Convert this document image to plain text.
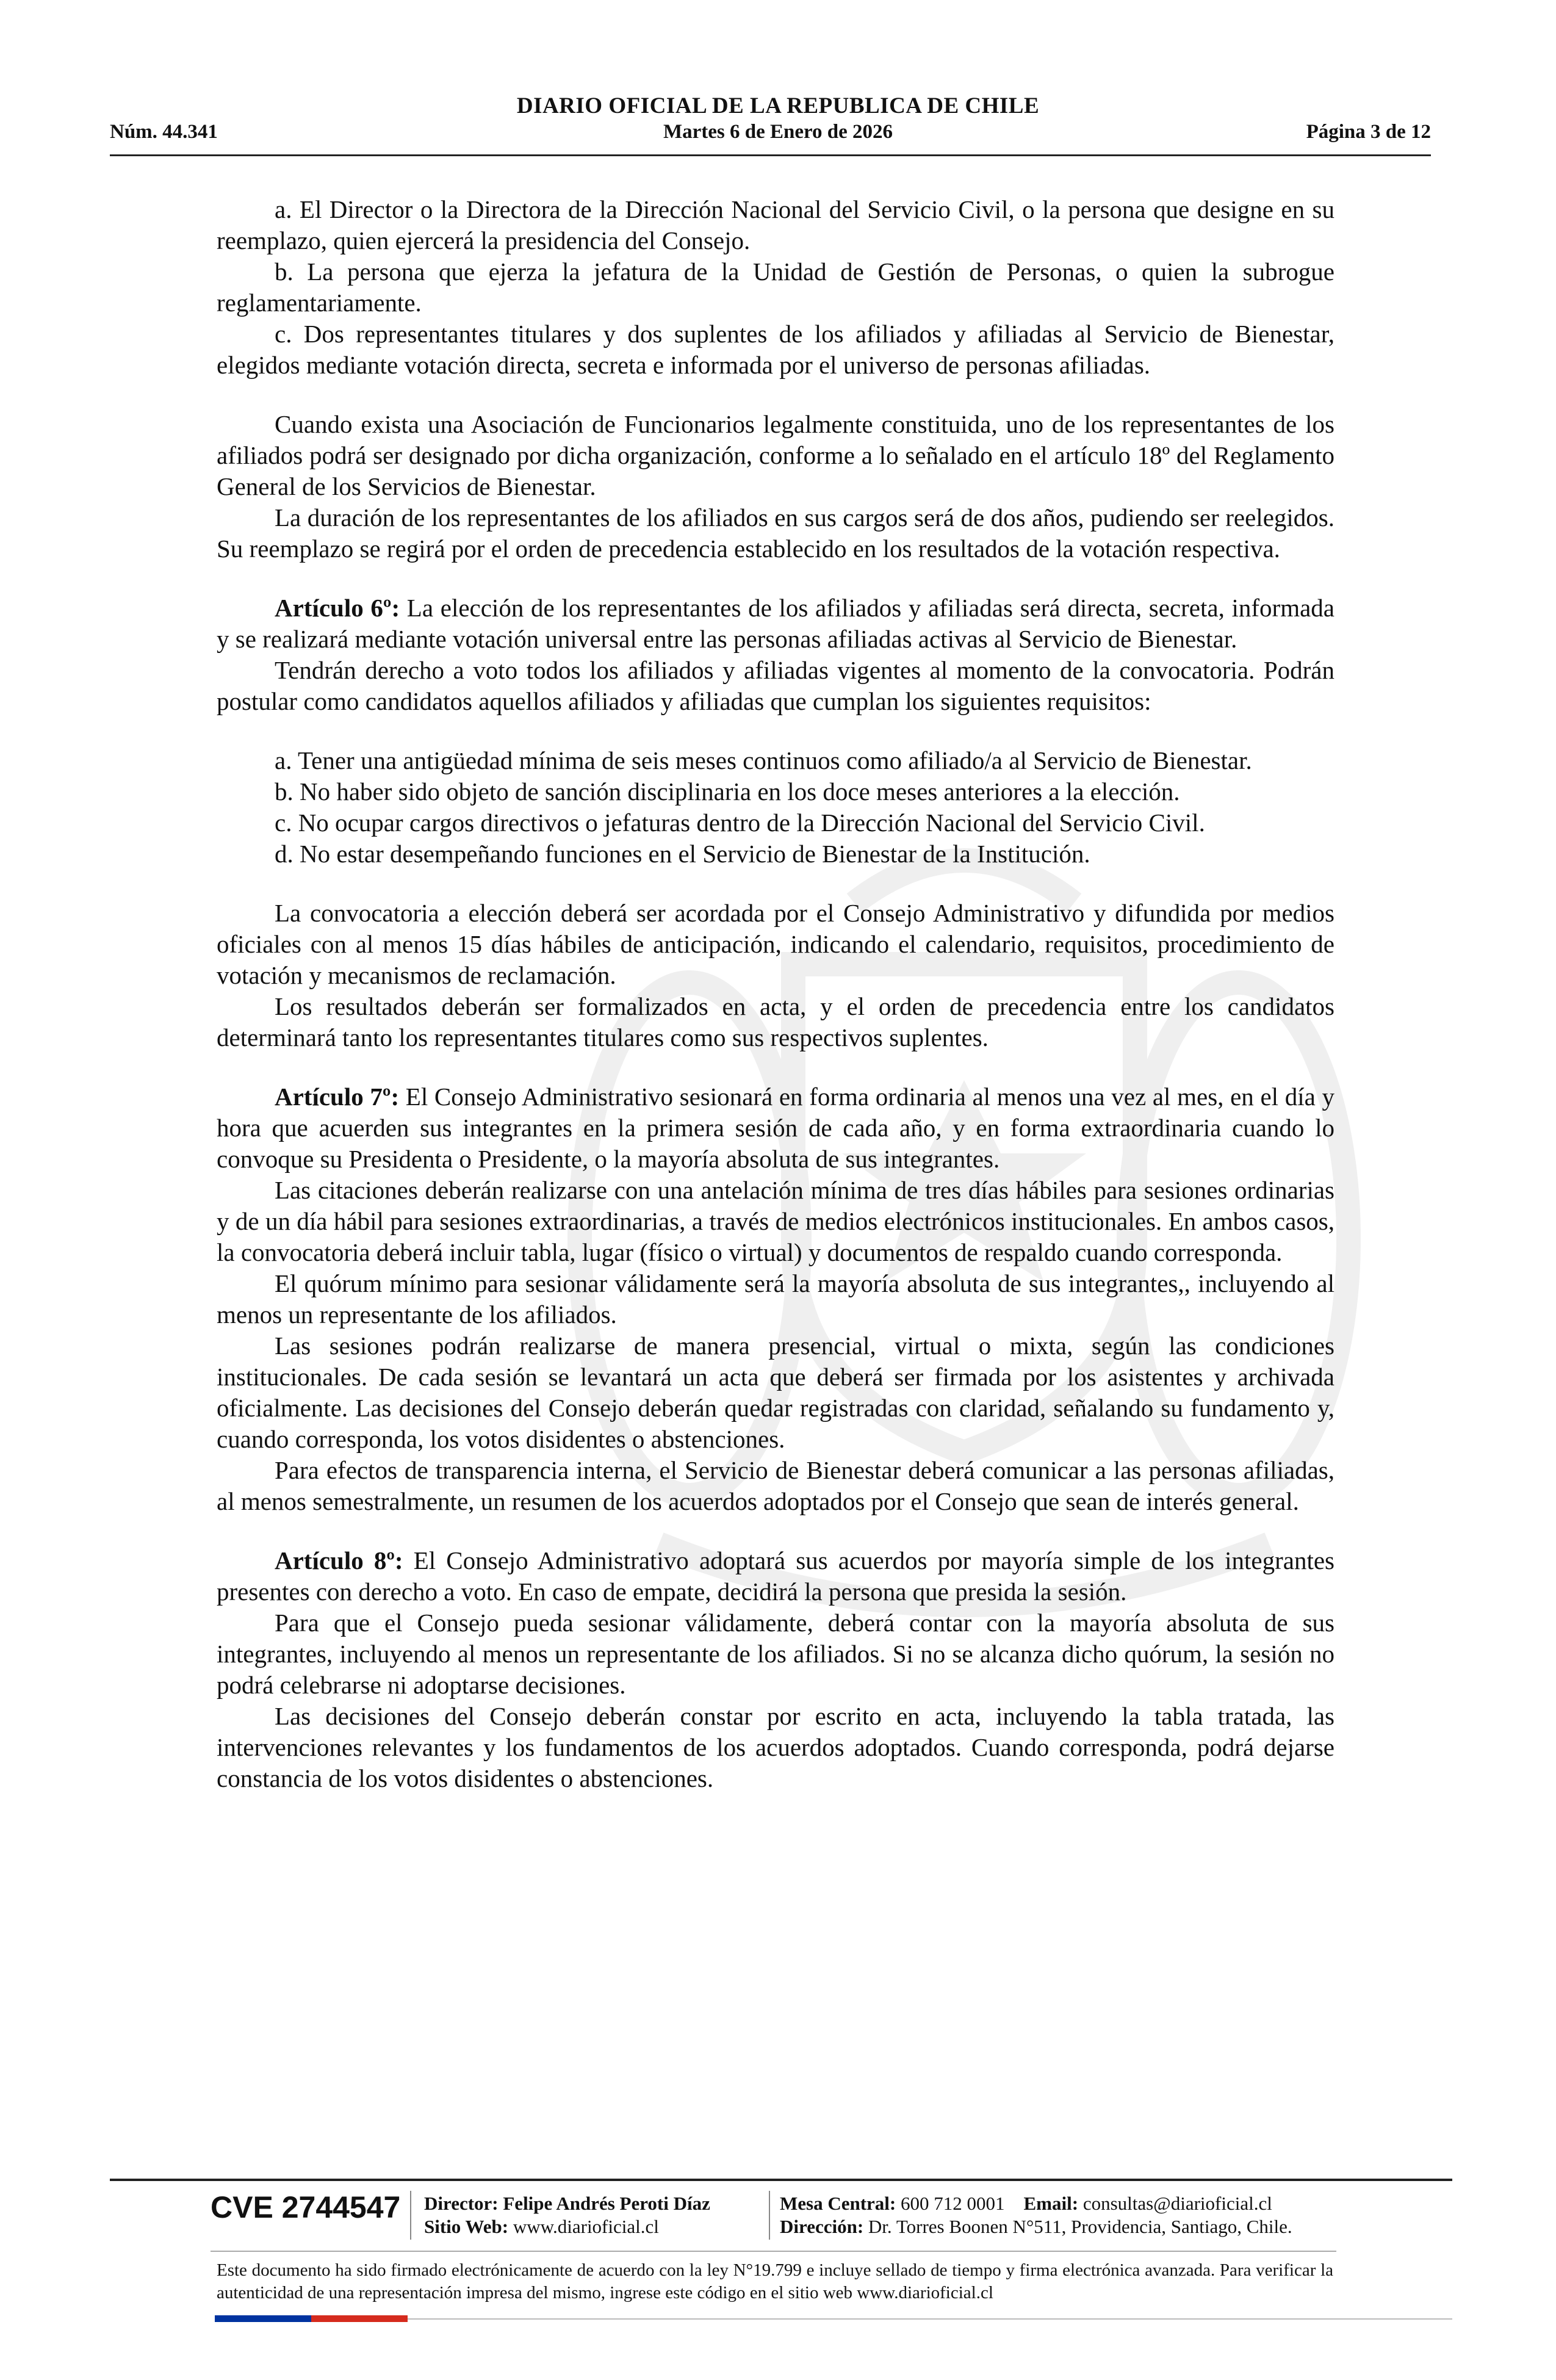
DIARIO OFICIAL DE LA REPUBLICA DE CHILE
Núm. 44.341	Martes 6 de Enero de 2026	Página 3 de 12

a. El Director o la Directora de la Dirección Nacional del Servicio Civil, o la persona que designe en su reemplazo, quien ejercerá la presidencia del Consejo.

b. La persona que ejerza la jefatura de la Unidad de Gestión de Personas, o quien la subrogue reglamentariamente.

c. Dos representantes titulares y dos suplentes de los afiliados y afiliadas al Servicio de Bienestar, elegidos mediante votación directa, secreta e informada por el universo de personas afiliadas.

Cuando exista una Asociación de Funcionarios legalmente constituida, uno de los representantes de los afiliados podrá ser designado por dicha organización, conforme a lo señalado en el artículo 18º del Reglamento General de los Servicios de Bienestar.

La duración de los representantes de los afiliados en sus cargos será de dos años, pudiendo ser reelegidos. Su reemplazo se regirá por el orden de precedencia establecido en los resultados de la votación respectiva.

Artículo 6º: La elección de los representantes de los afiliados y afiliadas será directa, secreta, informada y se realizará mediante votación universal entre las personas afiliadas activas al Servicio de Bienestar.

Tendrán derecho a voto todos los afiliados y afiliadas vigentes al momento de la convocatoria. Podrán postular como candidatos aquellos afiliados y afiliadas que cumplan los siguientes requisitos:

a. Tener una antigüedad mínima de seis meses continuos como afiliado/a al Servicio de Bienestar.

b. No haber sido objeto de sanción disciplinaria en los doce meses anteriores a la elección.

c. No ocupar cargos directivos o jefaturas dentro de la Dirección Nacional del Servicio Civil.

d. No estar desempeñando funciones en el Servicio de Bienestar de la Institución.

La convocatoria a elección deberá ser acordada por el Consejo Administrativo y difundida por medios oficiales con al menos 15 días hábiles de anticipación, indicando el calendario, requisitos, procedimiento de votación y mecanismos de reclamación.

Los resultados deberán ser formalizados en acta, y el orden de precedencia entre los candidatos determinará tanto los representantes titulares como sus respectivos suplentes.

Artículo 7º: El Consejo Administrativo sesionará en forma ordinaria al menos una vez al mes, en el día y hora que acuerden sus integrantes en la primera sesión de cada año, y en forma extraordinaria cuando lo convoque su Presidenta o Presidente, o la mayoría absoluta de sus integrantes.

Las citaciones deberán realizarse con una antelación mínima de tres días hábiles para sesiones ordinarias y de un día hábil para sesiones extraordinarias, a través de medios electrónicos institucionales. En ambos casos, la convocatoria deberá incluir tabla, lugar (físico o virtual) y documentos de respaldo cuando corresponda.

El quórum mínimo para sesionar válidamente será la mayoría absoluta de sus integrantes,, incluyendo al menos un representante de los afiliados.

Las sesiones podrán realizarse de manera presencial, virtual o mixta, según las condiciones institucionales. De cada sesión se levantará un acta que deberá ser firmada por los asistentes y archivada oficialmente. Las decisiones del Consejo deberán quedar registradas con claridad, señalando su fundamento y, cuando corresponda, los votos disidentes o abstenciones.

Para efectos de transparencia interna, el Servicio de Bienestar deberá comunicar a las personas afiliadas, al menos semestralmente, un resumen de los acuerdos adoptados por el Consejo que sean de interés general.

Artículo 8º: El Consejo Administrativo adoptará sus acuerdos por mayoría simple de los integrantes presentes con derecho a voto. En caso de empate, decidirá la persona que presida la sesión.

Para que el Consejo pueda sesionar válidamente, deberá contar con la mayoría absoluta de sus integrantes, incluyendo al menos un representante de los afiliados. Si no se alcanza dicho quórum, la sesión no podrá celebrarse ni adoptarse decisiones.

Las decisiones del Consejo deberán constar por escrito en acta, incluyendo la tabla tratada, las intervenciones relevantes y los fundamentos de los acuerdos adoptados. Cuando corresponda, podrá dejarse constancia de los votos disidentes o abstenciones.

CVE 2744547 Director: Felipe Andrés Peroti Díaz
Sitio Web: www.diarioficial.cl
Mesa Central: 600 712 0001 Email: consultas@diarioficial.cl
Dirección: Dr. Torres Boonen N°511, Providencia, Santiago, Chile.
Este documento ha sido firmado electrónicamente de acuerdo con la ley N°19.799 e incluye sellado de tiempo y firma electrónica avanzada. Para verificar la autenticidad de una representación impresa del mismo, ingrese este código en el sitio web www.diarioficial.cl
